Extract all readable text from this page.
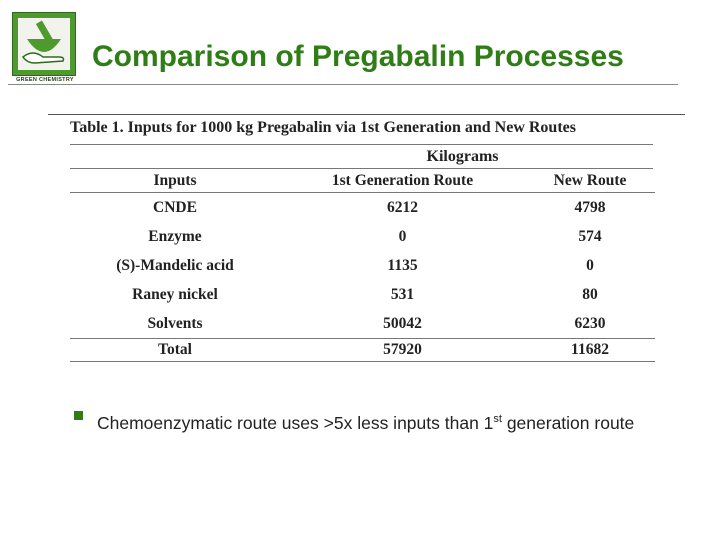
GREEN CHEMISTRY
Comparison of Pregabalin Processes
Table 1. Inputs for 1000 kg Pregabalin via 1st Generation and New Routes
Kilograms
Inputs	1st Generation Route	New Route
CNDE	6212	4798
Enzyme	0	574
(S)-Mandelic acid	1135	0
Raney nickel	531	80
Solvents	50042	6230
Total	57920	11682
Chemoenzymatic route uses >5x less inputs than 1st generation route
